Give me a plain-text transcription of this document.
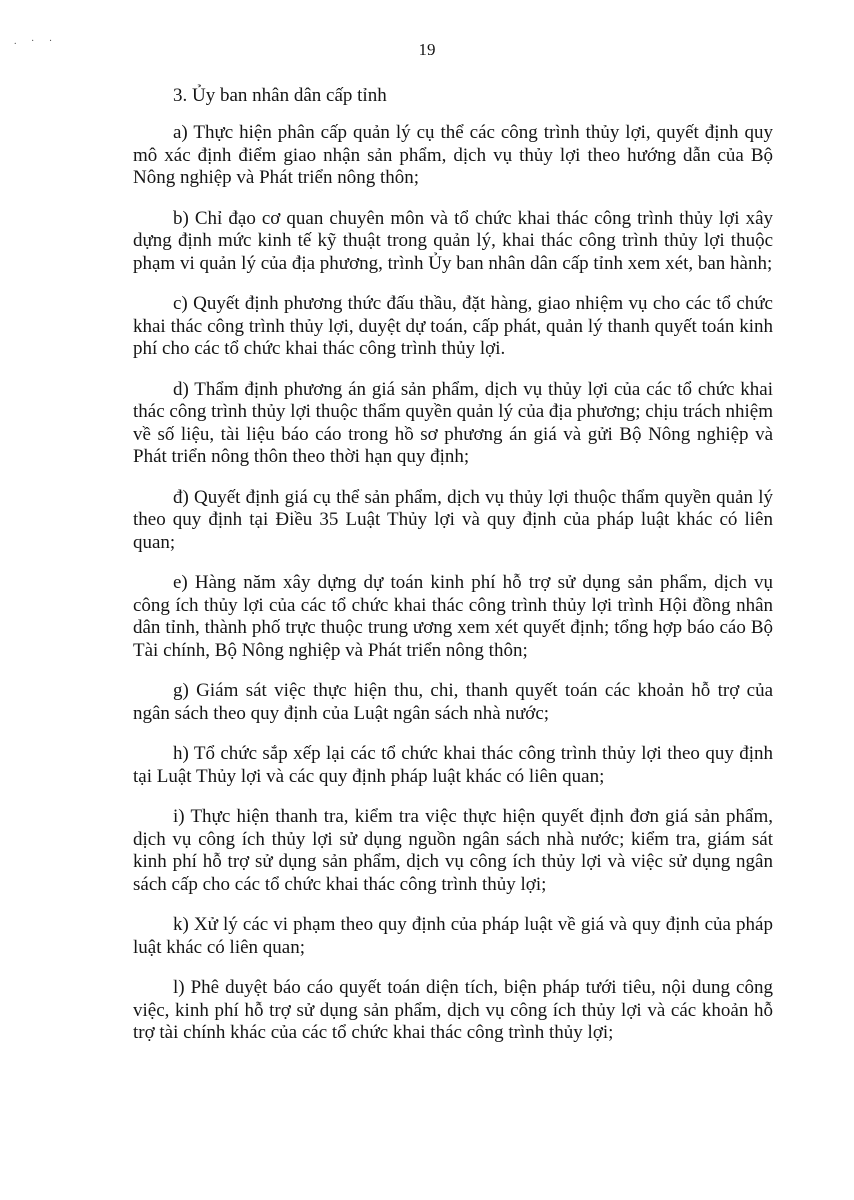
. · ·	19

3. Ủy ban nhân dân cấp tỉnh

a) Thực hiện phân cấp quản lý cụ thể các công trình thủy lợi, quyết định quy mô xác định điểm giao nhận sản phẩm, dịch vụ thủy lợi theo hướng dẫn của Bộ Nông nghiệp và Phát triển nông thôn;

b) Chỉ đạo cơ quan chuyên môn và tổ chức khai thác công trình thủy lợi xây dựng định mức kinh tế kỹ thuật trong quản lý, khai thác công trình thủy lợi thuộc phạm vi quản lý của địa phương, trình Ủy ban nhân dân cấp tỉnh xem xét, ban hành;

c) Quyết định phương thức đấu thầu, đặt hàng, giao nhiệm vụ cho các tổ chức khai thác công trình thủy lợi, duyệt dự toán, cấp phát, quản lý thanh quyết toán kinh phí cho các tổ chức khai thác công trình thủy lợi.

d) Thẩm định phương án giá sản phẩm, dịch vụ thủy lợi của các tổ chức khai thác công trình thủy lợi thuộc thẩm quyền quản lý của địa phương; chịu trách nhiệm về số liệu, tài liệu báo cáo trong hồ sơ phương án giá và gửi Bộ Nông nghiệp và Phát triển nông thôn theo thời hạn quy định;

đ) Quyết định giá cụ thể sản phẩm, dịch vụ thủy lợi thuộc thẩm quyền quản lý theo quy định tại Điều 35 Luật Thủy lợi và quy định của pháp luật khác có liên quan;

e) Hàng năm xây dựng dự toán kinh phí hỗ trợ sử dụng sản phẩm, dịch vụ công ích thủy lợi của các tổ chức khai thác công trình thủy lợi trình Hội đồng nhân dân tỉnh, thành phố trực thuộc trung ương xem xét quyết định; tổng hợp báo cáo Bộ Tài chính, Bộ Nông nghiệp và Phát triển nông thôn;

g) Giám sát việc thực hiện thu, chi, thanh quyết toán các khoản hỗ trợ của ngân sách theo quy định của Luật ngân sách nhà nước;

h) Tổ chức sắp xếp lại các tổ chức khai thác công trình thủy lợi theo quy định tại Luật Thủy lợi và các quy định pháp luật khác có liên quan;

i) Thực hiện thanh tra, kiểm tra việc thực hiện quyết định đơn giá sản phẩm, dịch vụ công ích thủy lợi sử dụng nguồn ngân sách nhà nước; kiểm tra, giám sát kinh phí hỗ trợ sử dụng sản phẩm, dịch vụ công ích thủy lợi và việc sử dụng ngân sách cấp cho các tổ chức khai thác công trình thủy lợi;

k) Xử lý các vi phạm theo quy định của pháp luật về giá và quy định của pháp luật khác có liên quan;

l) Phê duyệt báo cáo quyết toán diện tích, biện pháp tưới tiêu, nội dung công việc, kinh phí hỗ trợ sử dụng sản phẩm, dịch vụ công ích thủy lợi và các khoản hỗ trợ tài chính khác của các tổ chức khai thác công trình thủy lợi;
